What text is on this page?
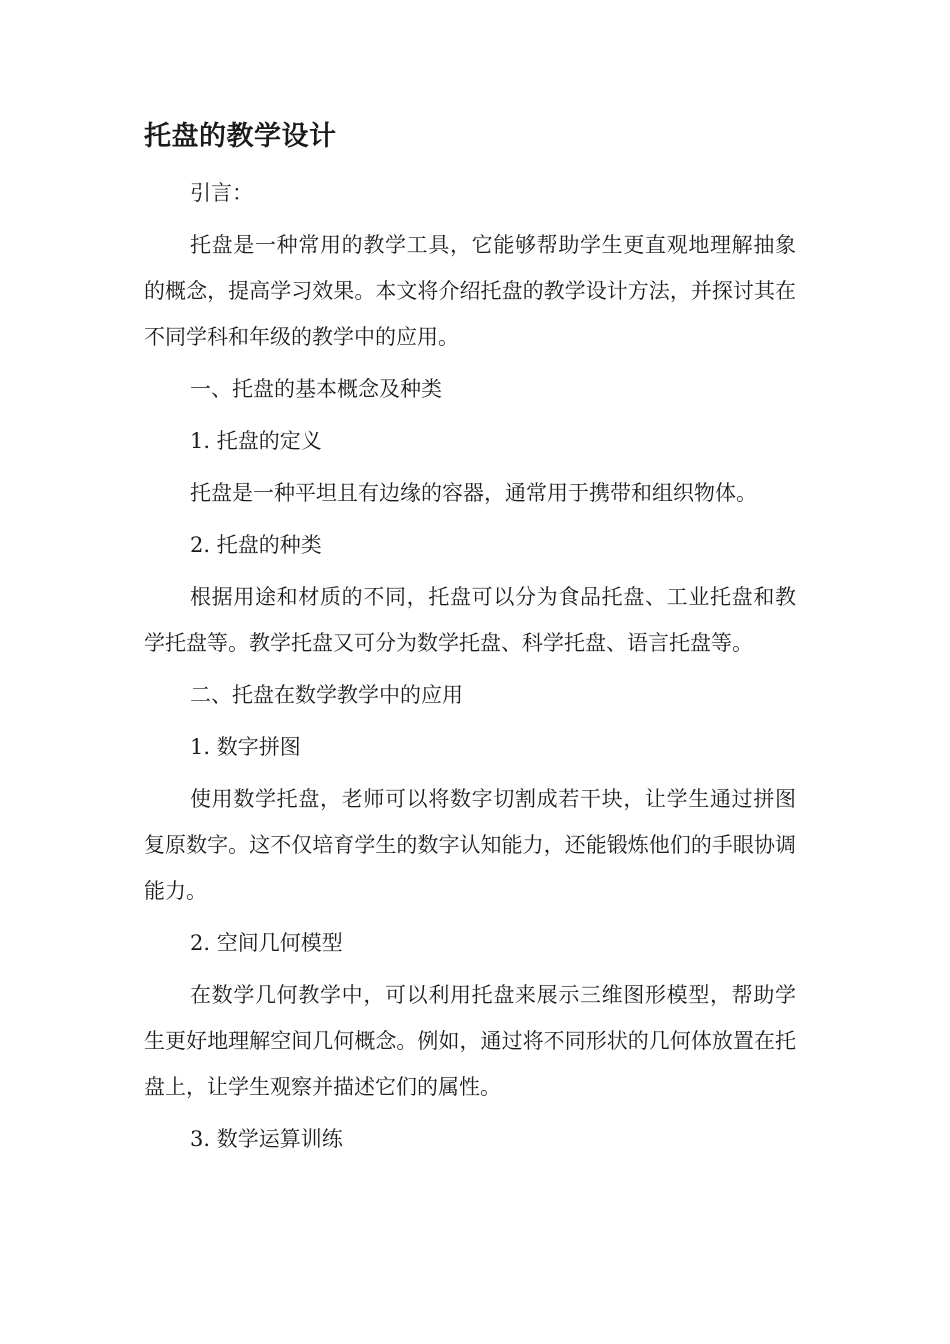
托盘的教学设计

引言：

托盘是一种常用的教学工具，它能够帮助学生更直观地理解抽象的概念，提高学习效果。本文将介绍托盘的教学设计方法，并探讨其在不同学科和年级的教学中的应用。

一、托盘的基本概念及种类

1. 托盘的定义

托盘是一种平坦且有边缘的容器，通常用于携带和组织物体。

2. 托盘的种类

根据用途和材质的不同，托盘可以分为食品托盘、工业托盘和教学托盘等。教学托盘又可分为数学托盘、科学托盘、语言托盘等。

二、托盘在数学教学中的应用

1. 数字拼图

使用数学托盘，老师可以将数字切割成若干块，让学生通过拼图复原数字。这不仅培育学生的数字认知能力，还能锻炼他们的手眼协调能力。

2. 空间几何模型

在数学几何教学中，可以利用托盘来展示三维图形模型，帮助学生更好地理解空间几何概念。例如，通过将不同形状的几何体放置在托盘上，让学生观察并描述它们的属性。

3. 数学运算训练
